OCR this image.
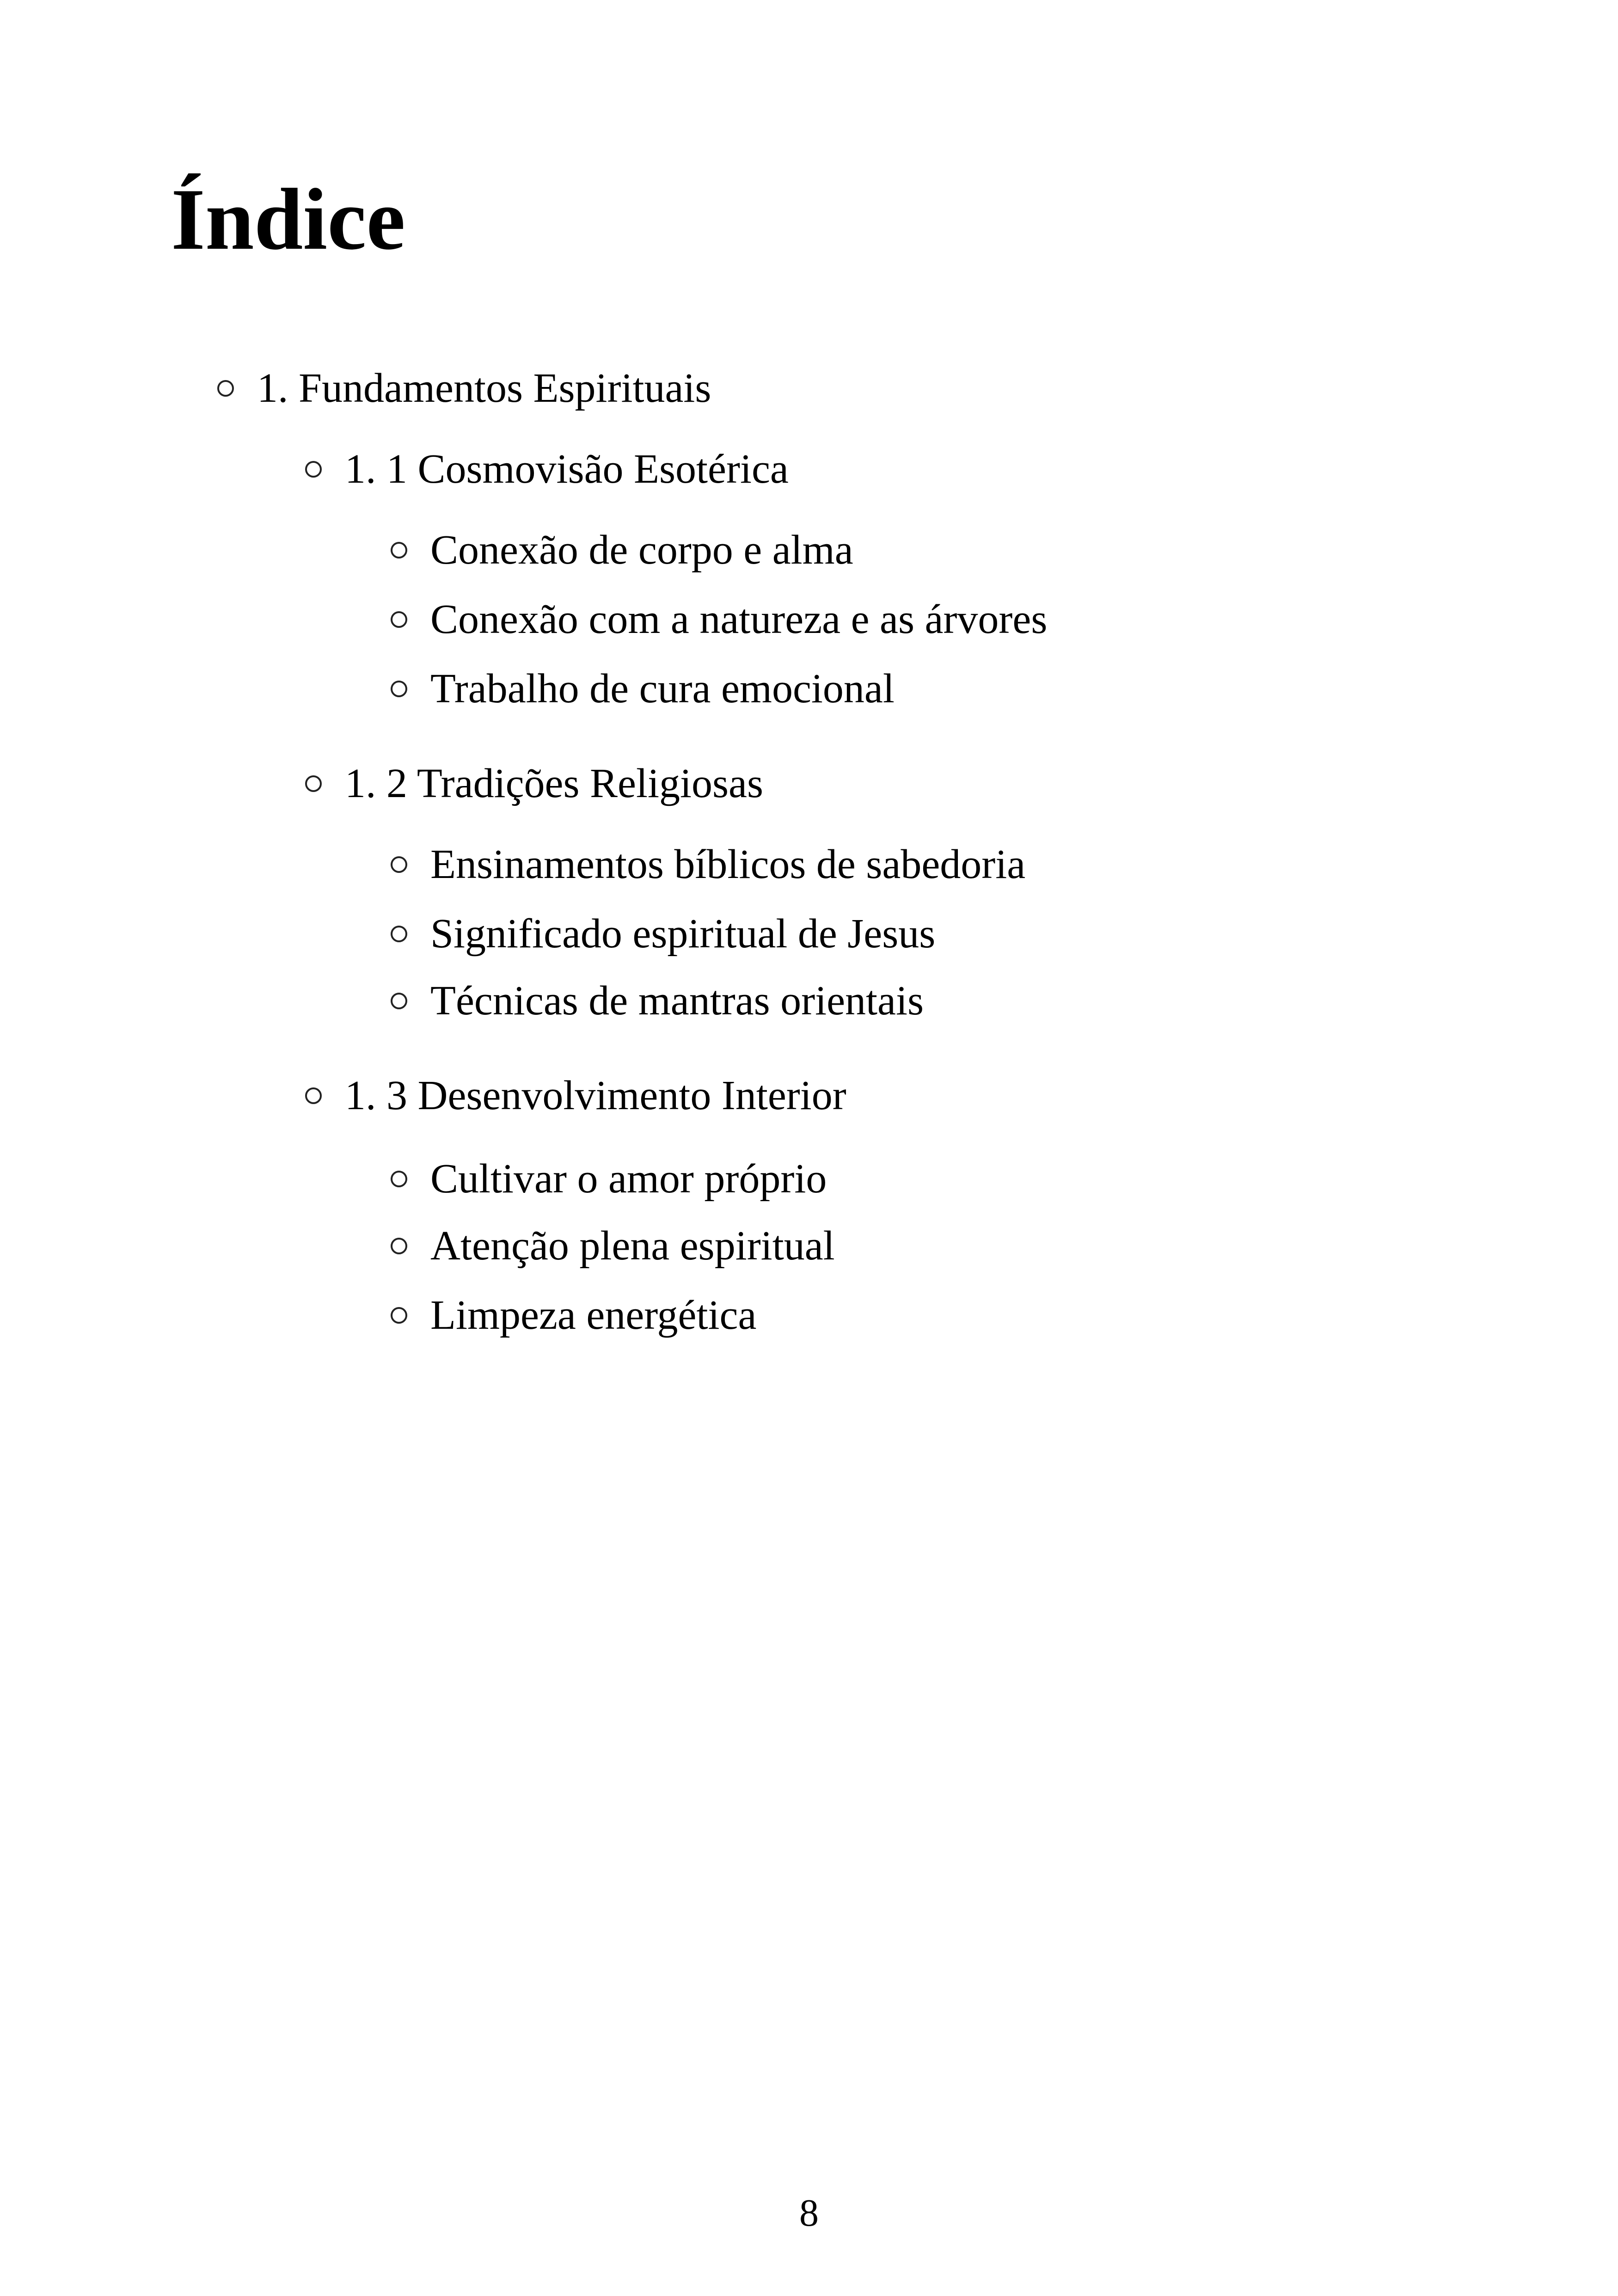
Índice
1. Fundamentos Espirituais
1. 1 Cosmovisão Esotérica
Conexão de corpo e alma
Conexão com a natureza e as árvores
Trabalho de cura emocional
1. 2 Tradições Religiosas
Ensinamentos bíblicos de sabedoria
Significado espiritual de Jesus
Técnicas de mantras orientais
1. 3 Desenvolvimento Interior
Cultivar o amor próprio
Atenção plena espiritual
Limpeza energética
8
